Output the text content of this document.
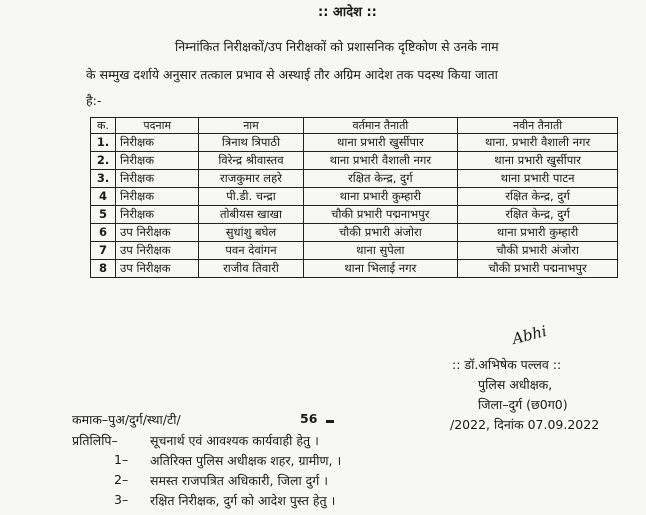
:: आदेश ::
निम्नांकित निरीक्षकों/उप निरीक्षकों को प्रशासनिक दृष्टिकोण से उनके नाम
के सम्मुख दर्शाये अनुसार तत्काल प्रभाव से अस्थाई तौर अग्रिम आदेश तक पदस्थ किया जाता
है:-
क.	पदनाम	नाम	वर्तमान तैनाती	नवीन तैनाती
1.	निरीक्षक	त्रिनाथ त्रिपाठी	थाना प्रभारी खुर्सीपार	थाना. प्रभारी वैशाली नगर
2.	निरीक्षक	विरेन्द्र श्रीवास्तव	थाना प्रभारी वैशाली नगर	थाना प्रभारी खुर्सीपार
3.	निरीक्षक	राजकुमार लहरे	रक्षित केन्द्र, दुर्ग	थाना प्रभारी पाटन
4	निरीक्षक	पी.डी. चन्द्रा	थाना प्रभारी कुम्हारी	रक्षित केन्द्र, दुर्ग
5	निरीक्षक	तोबीयस खाखा	चौकी प्रभारी पद्मनाभपुर	रक्षित केन्द्र, दुर्ग
6	उप निरीक्षक	सुधांशु बघेल	चौकी प्रभारी अंजोरा	थाना प्रभारी कुम्हारी
7	उप निरीक्षक	पवन देवांगन	थाना सुपेला	चौकी प्रभारी अंजोरा
8	उप निरीक्षक	राजीव तिवारी	थाना भिलाई नगर	चौकी प्रभारी पद्मनाभपुर
Abhi
:: डॉ.अभिषेक पल्लव ::
पुलिस अधीक्षक,
जिला–दुर्ग (छ0ग0)
/2022, दिनांक 07.09.2022
कमाक–पुअ/दुर्ग/स्था/टी/	56
प्रतिलिपि–	सूचनार्थ एवं आवश्यक कार्यवाही हेतु ।
1– अतिरिक्त पुलिस अधीक्षक शहर, ग्रामीण, ।
2– समस्त राजपत्रित अधिकारी, जिला दुर्ग ।
3– रक्षित निरीक्षक, दुर्ग को आदेश पुस्त हेतु ।
